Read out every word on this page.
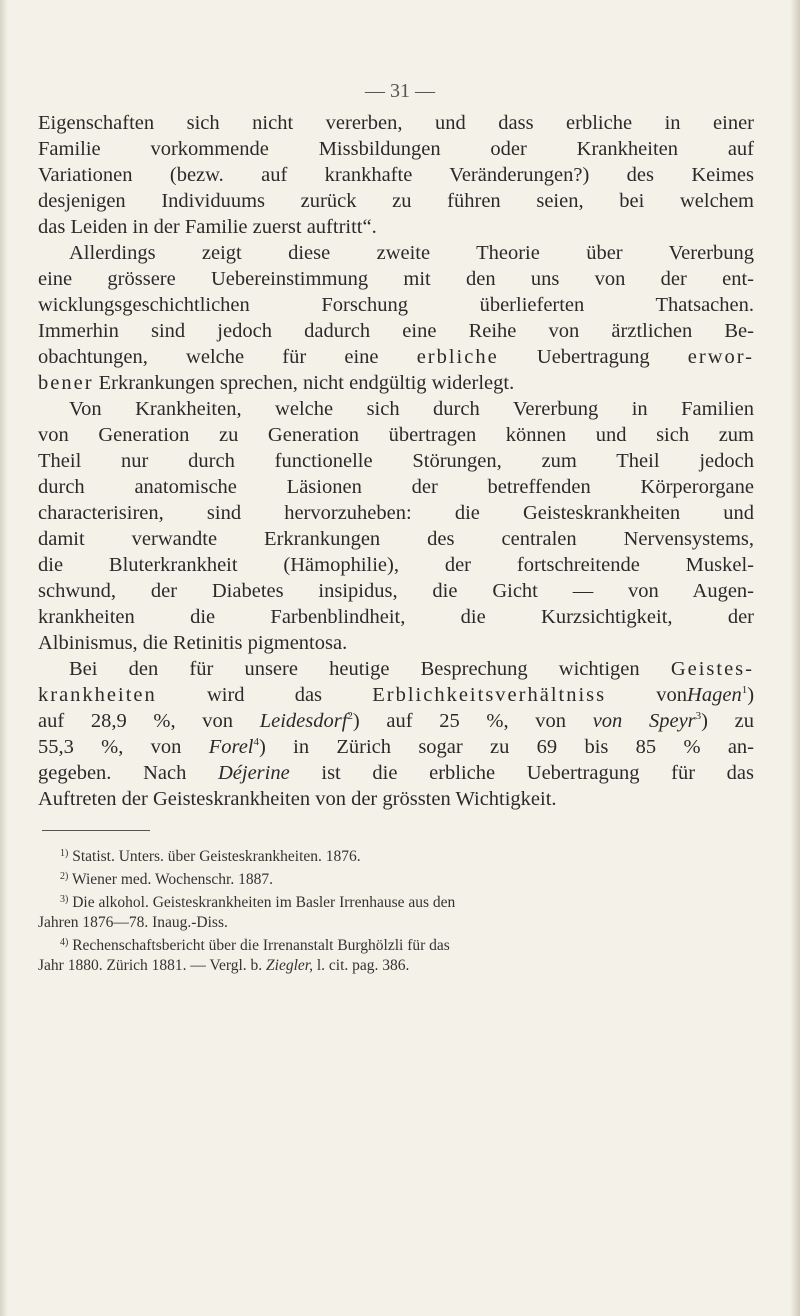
— 31 —

Eigenschaften sich nicht vererben, und dass erbliche in einer
Familie vorkommende Missbildungen oder Krankheiten auf
Variationen (bezw. auf krankhafte Veränderungen?) des Keimes
desjenigen Individuums zurück zu führen seien, bei welchem
das Leiden in der Familie zuerst auftritt“.

Allerdings zeigt diese zweite Theorie über Vererbung
eine grössere Uebereinstimmung mit den uns von der ent-
wicklungsgeschichtlichen Forschung überlieferten Thatsachen.
Immerhin sind jedoch dadurch eine Reihe von ärztlichen Be-
obachtungen, welche für eine erbliche Uebertragung erwor-
bener Erkrankungen sprechen, nicht endgültig widerlegt.

Von Krankheiten, welche sich durch Vererbung in Familien
von Generation zu Generation übertragen können und sich zum
Theil nur durch functionelle Störungen, zum Theil jedoch
durch anatomische Läsionen der betreffenden Körperorgane
characterisiren, sind hervorzuheben: die Geisteskrankheiten und
damit verwandte Erkrankungen des centralen Nervensystems,
die Bluterkrankheit (Hämophilie), der fortschreitende Muskel-
schwund, der Diabetes insipidus, die Gicht — von Augen-
krankheiten die Farbenblindheit, die Kurzsichtigkeit, der
Albinismus, die Retinitis pigmentosa.

Bei den für unsere heutige Besprechung wichtigen Geistes-
krankheiten wird das Erblichkeitsverhältniss vonHagen$^1$)
auf 28,9 %, von Leidesdorf$^2$) auf 25 %, von von Speyr$^3$) zu
55,3 %, von Forel$^4$) in Zürich sogar zu 69 bis 85 % an-
gegeben. Nach Déjerine ist die erbliche Uebertragung für das
Auftreten der Geisteskrankheiten von der grössten Wichtigkeit.

$^{1)}$ Statist. Unters. über Geisteskrankheiten. 1876.
$^{2)}$ Wiener med. Wochenschr. 1887.
$^{3)}$ Die alkohol. Geisteskrankheiten im Basler Irrenhause aus den
Jahren 1876—78. Inaug.-Diss.
$^{4)}$ Rechenschaftsbericht über die Irrenanstalt Burghölzli für das
Jahr 1880. Zürich 1881. — Vergl. b. Ziegler, l. cit. pag. 386.
